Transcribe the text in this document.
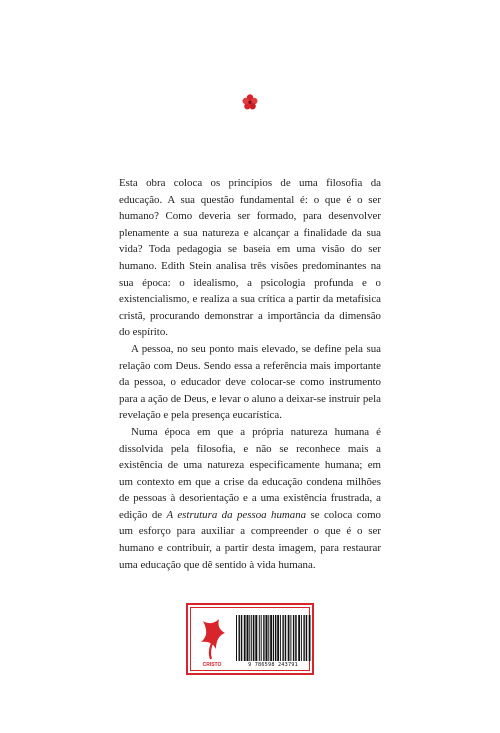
Esta obra coloca os princípios de uma filosofia da educação. A sua questão fundamental é: o que é o ser humano? Como deveria ser formado, para desenvolver plenamente a sua natureza e alcançar a finalidade da sua vida? Toda pedagogia se baseia em uma visão do ser humano. Edith Stein analisa três visões predominantes na sua época: o idealismo, a psicologia profunda e o existencialismo, e realiza a sua crítica a partir da metafísica cristã, procurando demonstrar a importância da dimensão do espírito.

A pessoa, no seu ponto mais elevado, se define pela sua relação com Deus. Sendo essa a referência mais importante da pessoa, o educador deve colocar-se como instrumento para a ação de Deus, e levar o aluno a deixar-se instruir pela revelação e pela presença eucarística.

Numa época em que a própria natureza humana é dissolvida pela filosofia, e não se reconhece mais a existência de uma natureza especificamente humana; em um contexto em que a crise da educação condena milhões de pessoas à desorientação e a uma existência frustrada, a edição de A estrutura da pessoa humana se coloca como um esforço para auxiliar a compreender o que é o ser humano e contribuir, a partir desta imagem, para restaurar uma educação que dê sentido à vida humana.

CRISTO	9 786598 243791
